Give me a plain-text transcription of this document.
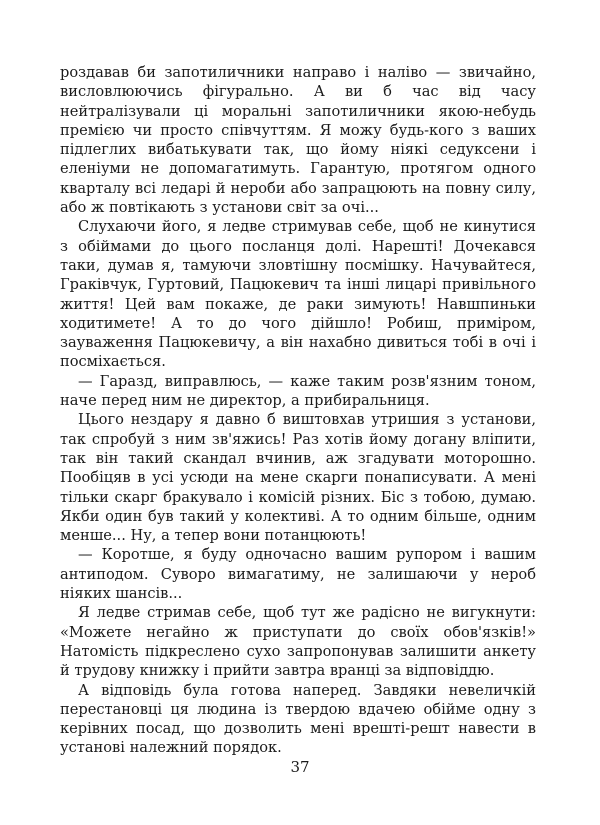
роздавав би запотиличники направо і наліво — звичайно, висловлюючись фігурально. А ви б час від часу нейтралізували ці моральні запотиличники якою-небудь премією чи просто співчуттям. Я можу будь-кого з ваших підлеглих вибатькувати так, що йому ніякі седуксени і еленіуми не допомагатимуть. Гарантую, протягом одного кварталу всі ледарі й нероби або запрацюють на повну силу, або ж повтікають з установи світ за очі...

Слухаючи його, я ледве стримував себе, щоб не кинутися з обіймами до цього посланця долі. Нарешті! Дочекався таки, думав я, тамуючи зловтішну посмішку. Начувайтеся, Граківчук, Гуртовий, Пацюкевич та інші лицарі привільного життя! Цей вам покаже, де раки зимують! Навшпиньки ходитимете! А то до чого дійшло! Робиш, приміром, зауваження Пацюкевичу, а він нахабно дивиться тобі в очі і посміхається.

— Гаразд, виправлюсь, — каже таким розв'язним тоном, наче перед ним не директор, а прибиральниця.

Цього нездару я давно б виштовхав утришия з установи, так спробуй з ним зв'яжись! Раз хотів йому догану вліпити, так він такий скандал вчинив, аж згадувати моторошно. Пообіцяв в усі усюди на мене скарги понаписувати. А мені тільки скарг бракувало і комісій різних. Біс з тобою, думаю. Якби один був такий у колективі. А то одним більше, одним менше... Ну, а тепер вони потанцюють!

— Коротше, я буду одночасно вашим рупором і вашим антиподом. Суворо вимагатиму, не залишаючи у нероб ніяких шансів...

Я ледве стримав себе, щоб тут же радісно не вигукнути: «Можете негайно ж приступати до своїх обов'язків!» Натомість підкреслено сухо запропонував залишити анкету й трудову книжку і прийти завтра вранці за відповіддю.

А відповідь була готова наперед. Завдяки невеличкій перестановці ця людина із твердою вдачею обійме одну з керівних посад, що дозволить мені врешті-решт навести в установі належний порядок.

37
